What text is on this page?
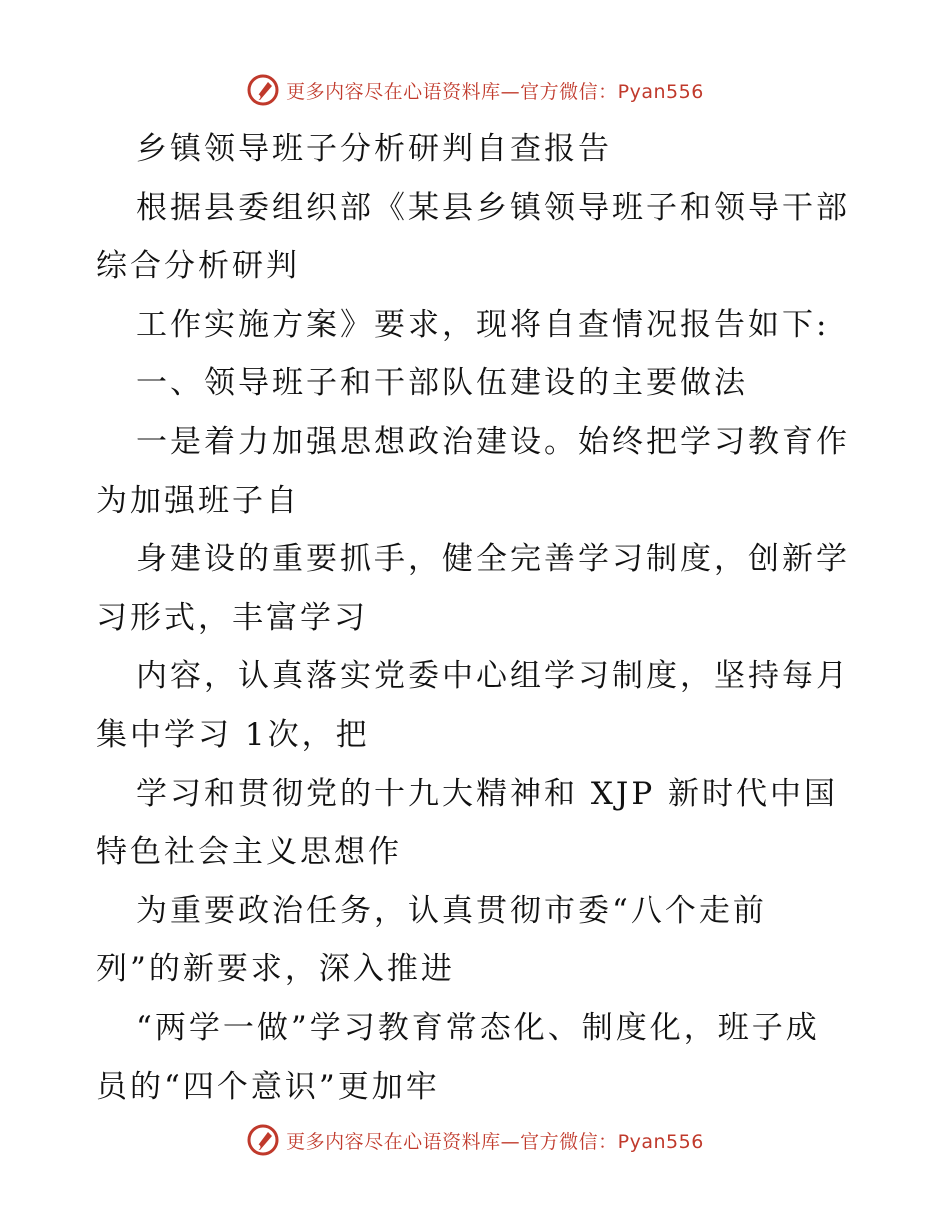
更多内容尽在心语资料库—官方微信：Pyan556
乡镇领导班子分析研判自查报告
根据县委组织部《某县乡镇领导班子和领导干部
综合分析研判
工作实施方案》要求，现将自查情况报告如下:
一、领导班子和干部队伍建设的主要做法
一是着力加强思想政治建设。始终把学习教育作
为加强班子自
身建设的重要抓手，健全完善学习制度，创新学
习形式，丰富学习
内容，认真落实党委中心组学习制度，坚持每月
集中学习 1次，把
学习和贯彻党的十九大精神和 XJP 新时代中国
特色社会主义思想作
为重要政治任务，认真贯彻市委“八个走前
列”的新要求，深入推进
“两学一做”学习教育常态化、制度化，班子成
员的“四个意识”更加牢
更多内容尽在心语资料库—官方微信：Pyan556
